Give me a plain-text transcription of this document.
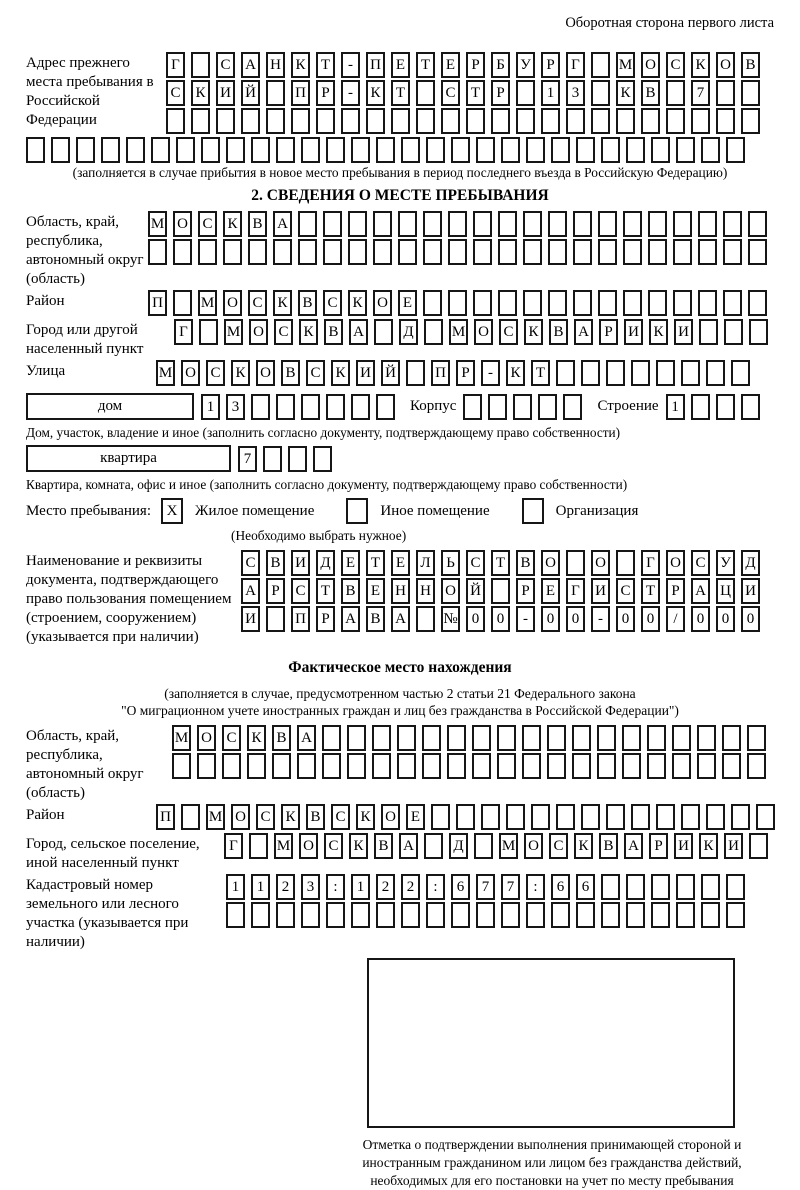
Оборотная сторона первого листа
Адрес прежнего места пребывания в Российской Федерации
Г	С А Н К Т - П Е Т Е Р Б У Р Г	М О С К О В
С К И Й	П Р - К Т	С Т Р	1 3	К В	7
(заполняется в случае прибытия в новое место пребывания в период последнего въезда в Российскую Федерацию)
2. СВЕДЕНИЯ О МЕСТЕ ПРЕБЫВАНИЯ
Область, край, республика, автономный округ (область)
М О С К В А
Район	П	М О С К В С К О Е
Город или другой населенный пункт
Г	М О С К В А	Д	М О С К В А Р И К И
Улица	М О С К О В С К И Й	П Р - К Т
дом	1 3	Корпус	Строение 1
Дом, участок, владение и иное (заполнить согласно документу, подтверждающему право собственности)
квартира	7
Квартира, комната, офис и иное (заполнить согласно документу, подтверждающему право собственности)
Место пребывания: X Жилое помещение	Иное помещение	Организация
(Необходимо выбрать нужное)
Наименование и реквизиты документа, подтверждающего право пользования помещением (строением, сооружением) (указывается при наличии)
С В И Д Е Т Е Л Ь С Т В О	О	Г О С У Д
А Р С Т В Е Н Н О Й	Р Е Г И С Т Р А Ц И
И	П Р А В А № 0 0 - 0 0 - 0 0 / 0 0 0
Фактическое место нахождения
(заполняется в случае, предусмотренном частью 2 статьи 21 Федерального закона
"О миграционном учете иностранных граждан и лиц без гражданства в Российской Федерации")
Область, край, республика, автономный округ (область)
М О С К В А
Район	П	М О С К В С К О Е
Город, сельское поселение, иной населенный пункт
Г	М О С К В А	Д	М О С К В А Р И К И
Кадастровый номер земельного или лесного участка (указывается при наличии)
1 1 2 3 : 1 2 2 : 6 7 7 : 6 6
Отметка о подтверждении выполнения принимающей стороной и иностранным гражданином или лицом без гражданства действий, необходимых для его постановки на учет по месту пребывания
